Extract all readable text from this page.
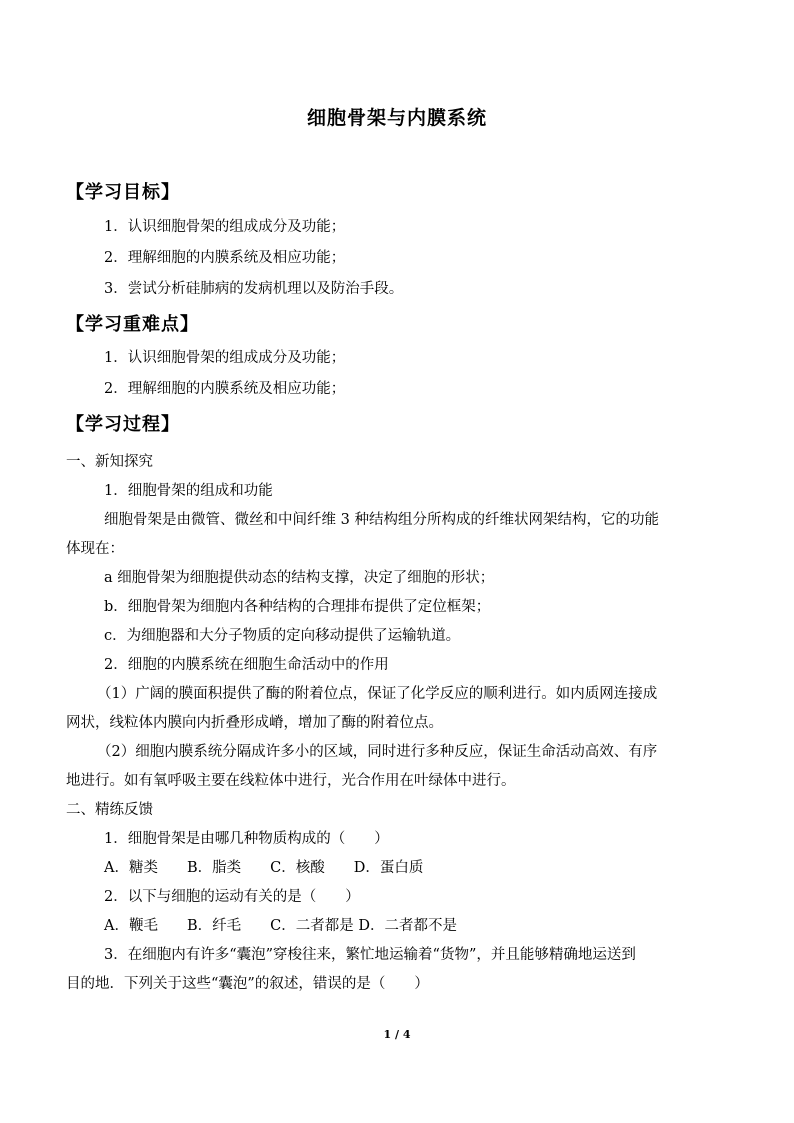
细胞骨架与内膜系统
【学习目标】
1．认识细胞骨架的组成成分及功能；
2．理解细胞的内膜系统及相应功能；
3．尝试分析硅肺病的发病机理以及防治手段。
【学习重难点】
1．认识细胞骨架的组成成分及功能；
2．理解细胞的内膜系统及相应功能；
【学习过程】
一、新知探究
1．细胞骨架的组成和功能
细胞骨架是由微管、微丝和中间纤维 3 种结构组分所构成的纤维状网架结构，它的功能
体现在：
a 细胞骨架为细胞提供动态的结构支撑，决定了细胞的形状；
b．细胞骨架为细胞内各种结构的合理排布提供了定位框架；
c．为细胞器和大分子物质的定向移动提供了运输轨道。
2．细胞的内膜系统在细胞生命活动中的作用
（1）广阔的膜面积提供了酶的附着位点，保证了化学反应的顺利进行。如内质网连接成
网状，线粒体内膜向内折叠形成嵴，增加了酶的附着位点。
（2）细胞内膜系统分隔成许多小的区域，同时进行多种反应，保证生命活动高效、有序
地进行。如有氧呼吸主要在线粒体中进行，光合作用在叶绿体中进行。
二、精练反馈
1．细胞骨架是由哪几种物质构成的（　　）
A．糖类　　B．脂类　　C．核酸　　D．蛋白质
2．以下与细胞的运动有关的是（　　）
A．鞭毛　　B．纤毛　　C．二者都是 D．二者都不是
3．在细胞内有许多“囊泡”穿梭往来，繁忙地运输着“货物”，并且能够精确地运送到
目的地．下列关于这些“囊泡”的叙述，错误的是（　　）
1 / 4
